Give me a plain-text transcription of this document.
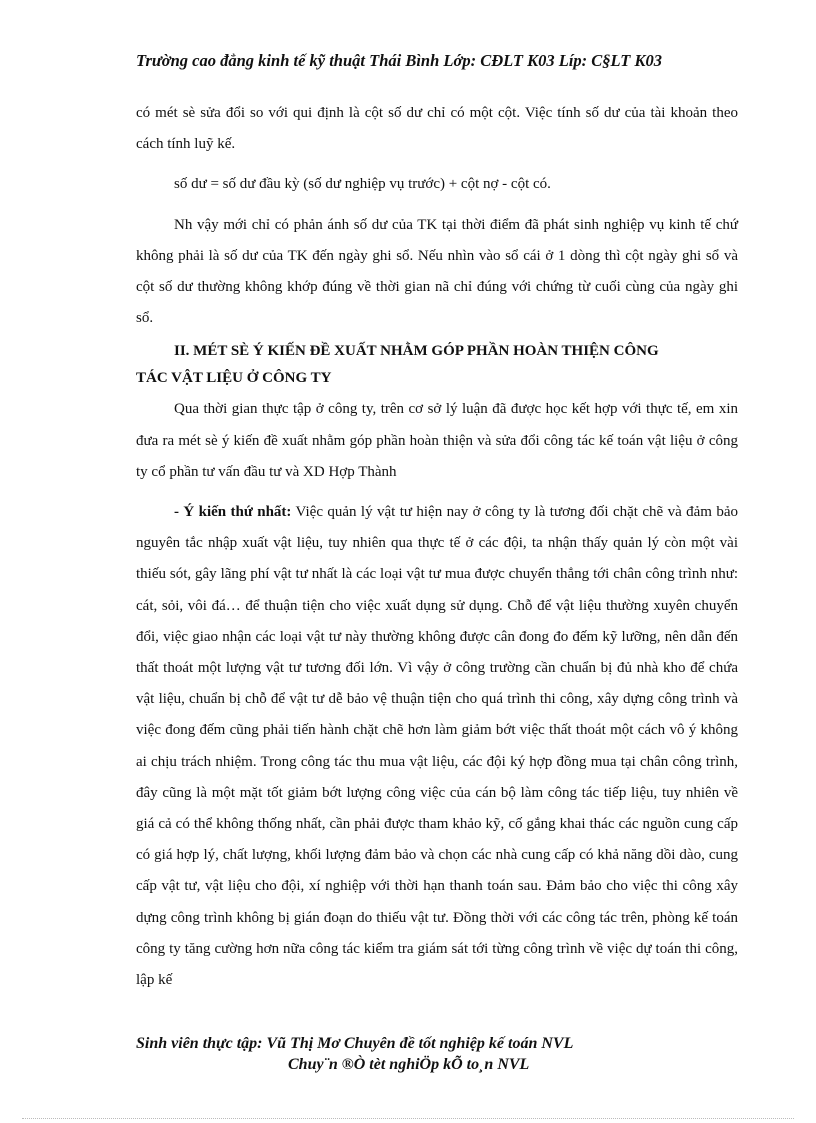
Trường cao đẳng kinh tế kỹ thuật Thái Bình Lớp: CĐLT K03 Líp: C§LT K03

có mét sè sửa đổi so với qui định là cột số dư chỉ có một cột. Việc tính số dư của tài khoản theo cách tính luỹ kế.

số dư = số dư đầu kỳ (số dư nghiệp vụ trước) + cột nợ - cột có.

Nh vậy mới chỉ có phản ánh số dư của TK tại thời điểm đã phát sinh nghiệp vụ kinh tế chứ không phải là số dư của TK đến ngày ghi sổ. Nếu nhìn vào sổ cái ở 1 dòng thì cột ngày ghi sổ và cột số dư thường không khớp đúng về thời gian nã chỉ đúng với chứng từ cuối cùng của ngày ghi sổ.

II. MÉT SÈ Ý KIẾN ĐỀ XUẤT NHẰM GÓP PHẦN HOÀN THIỆN CÔNG
TÁC VẬT LIỆU Ở CÔNG TY

Qua thời gian thực tập ở công ty, trên cơ sở lý luận đã được học kết hợp với thực tế, em xin đưa ra mét sè ý kiến đề xuất nhằm góp phần hoàn thiện và sửa đổi công tác kế toán vật liệu ở công ty cổ phần tư vấn đầu tư và XD Hợp Thành

- Ý kiến thứ nhất: Việc quản lý vật tư hiện nay ở công ty là tương đối chặt chẽ và đảm bảo nguyên tắc nhập xuất vật liệu, tuy nhiên qua thực tế ở các đội, ta nhận thấy quản lý còn một vài thiếu sót, gây lãng phí vật tư nhất là các loại vật tư mua được chuyển thẳng tới chân công trình như: cát, sỏi, vôi đá… để thuận tiện cho việc xuất dụng sử dụng. Chỗ để vật liệu thường xuyên chuyển đổi, việc giao nhận các loại vật tư này thường không được cân đong đo đếm kỹ lưỡng, nên dẫn đến thất thoát một lượng vật tư tương đối lớn. Vì vậy ở công trường cần chuẩn bị đủ nhà kho để chứa vật liệu, chuẩn bị chỗ để vật tư dễ bảo vệ thuận tiện cho quá trình thi công, xây dựng công trình và việc đong đếm cũng phải tiến hành chặt chẽ hơn làm giảm bớt việc thất thoát một cách vô ý không ai chịu trách nhiệm. Trong công tác thu mua vật liệu, các đội ký hợp đồng mua tại chân công trình, đây cũng là một mặt tốt giảm bớt lượng công việc của cán bộ làm công tác tiếp liệu, tuy nhiên về giá cả có thể không thống nhất, cần phải được tham khảo kỹ, cố gắng khai thác các nguồn cung cấp có giá hợp lý, chất lượng, khối lượng đảm bảo và chọn các nhà cung cấp có khả năng dồi dào, cung cấp vật tư, vật liệu cho đội, xí nghiệp với thời hạn thanh toán sau. Đảm bảo cho việc thi công xây dựng công trình không bị gián đoạn do thiếu vật tư. Đồng thời với các công tác trên, phòng kế toán công ty tăng cường hơn nữa công tác kiểm tra giám sát tới từng công trình về việc dự toán thi công, lập kế

Sinh viên thực tập: Vũ Thị Mơ Chuyên đề tốt nghiệp kế toán NVL
Chuy¨n ®Ò tèt nghiÖp kÕ to¸n NVL
